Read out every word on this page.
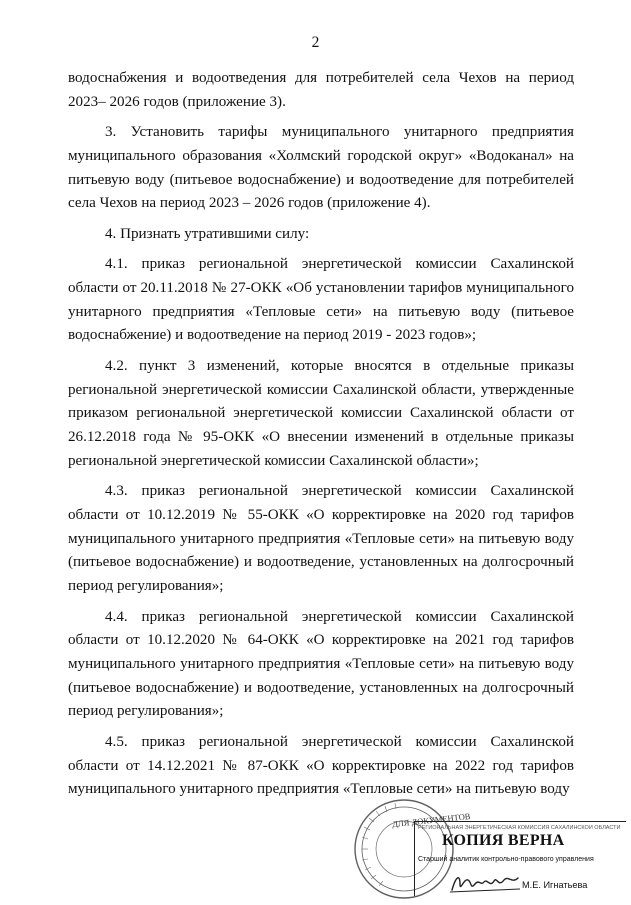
2

водоснабжения и водоотведения для потребителей села Чехов на период 2023– 2026 годов (приложение 3).

3. Установить тарифы муниципального унитарного предприятия муниципального образования «Холмский городской округ» «Водоканал» на питьевую воду (питьевое водоснабжение) и водоотведение для потребителей села Чехов на период 2023 – 2026 годов (приложение 4).

4. Признать утратившими силу:

4.1. приказ региональной энергетической комиссии Сахалинской области от 20.11.2018 № 27-ОКК «Об установлении тарифов муниципального унитарного предприятия «Тепловые сети» на питьевую воду (питьевое водоснабжение) и водоотведение на период 2019 - 2023 годов»;

4.2. пункт 3 изменений, которые вносятся в отдельные приказы региональной энергетической комиссии Сахалинской области, утвержденные приказом региональной энергетической комиссии Сахалинской области от 26.12.2018 года № 95-ОКК «О внесении изменений в отдельные приказы региональной энергетической комиссии Сахалинской области»;

4.3. приказ региональной энергетической комиссии Сахалинской области от 10.12.2019 № 55-ОКК «О корректировке на 2020 год тарифов муниципального унитарного предприятия «Тепловые сети» на питьевую воду (питьевое водоснабжение) и водоотведение, установленных на долгосрочный период регулирования»;

4.4. приказ региональной энергетической комиссии Сахалинской области от 10.12.2020 № 64-ОКК «О корректировке на 2021 год тарифов муниципального унитарного предприятия «Тепловые сети» на питьевую воду (питьевое водоснабжение) и водоотведение, установленных на долгосрочный период регулирования»;

4.5. приказ региональной энергетической комиссии Сахалинской области от 14.12.2021 № 87-ОКК «О корректировке на 2022 год тарифов муниципального унитарного предприятия «Тепловые сети» на питьевую воду

ДЛЯ ДОКУМЕНТОВ
РЕГИОНАЛЬНАЯ ЭНЕРГЕТИЧЕСКАЯ КОМИССИЯ САХАЛИНСКОЙ ОБЛАСТИ
КОПИЯ ВЕРНА
Старший аналитик контрольно-правового управления
М.Е. Игнатьева
